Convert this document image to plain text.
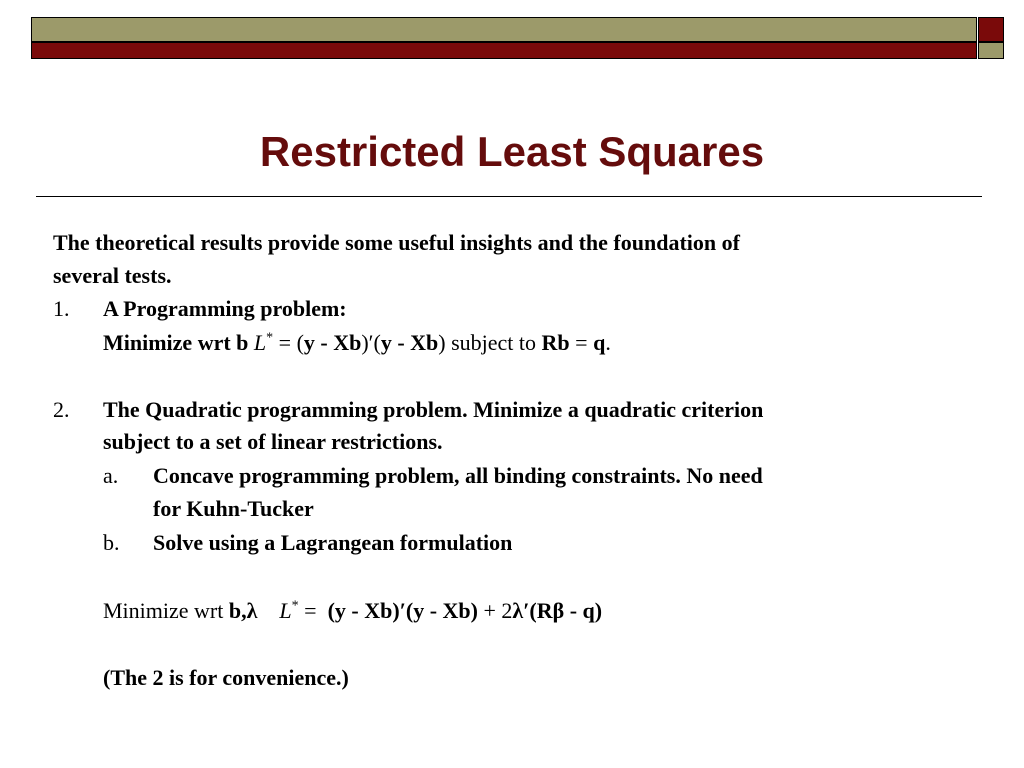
Restricted Least Squares
The theoretical results provide some useful insights and the foundation of
several tests.
1. A Programming problem:
Minimize wrt b L* = (y - Xb)′(y - Xb) subject to Rb = q.
2. The Quadratic programming problem. Minimize a quadratic criterion
subject to a set of linear restrictions.
a. Concave programming problem, all binding constraints. No need
for Kuhn-Tucker
b. Solve using a Lagrangean formulation
Minimize wrt b,λ L* =  (y - Xb)′(y - Xb) + 2λ′(Rβ - q)
(The 2 is for convenience.)
